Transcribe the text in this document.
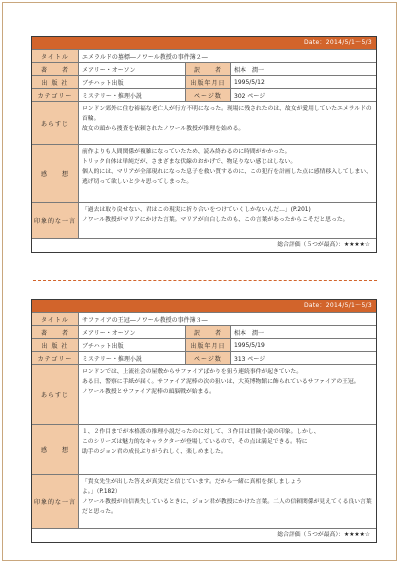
Date：2014/5/1～5/3
タイトル	エメラルドの墓標―ノワール教授の事件簿２―
著　　者	メアリー・オーソン	訳　　者	相本　潤一
出 版 社	ブチハット出版	出版年月日	1995/5/12
カテゴリー	ミステリー・推理小説	ページ数	302 ページ
あらすじ

ロンドン郊外に住む裕福な老亡人が行方不明になった。现場に残されたのは、故女が愛用していたエメラルドの首輪。

故女の頭から捜査を依頼されたノワール教授が推理を始める。

感　　想

前作よりも人間関係が複雑になっていたため、読み終わるのに時間がかかった。

トリック自体は単純だが、さまざまな伏線のおかげで、物足りない感じはしない。

個人的には、マリアが全部現れになった息子を救い質するのに、この犯行を計画した点に感情移入してしまい、逃げ切って欲しいと少々思ってしまった。

印象的な一言

「過去は取り戻せない、君はこの現実に折り合いをつけていくしかないんだ…」(P.201)

ノワール教授がマリアにかけた言葉。マリアが自白したのも、この言葉があったからこそだと思った。

総合評価（５つが最高）：★★★★☆
Date：2014/5/1～5/3
タイトル	サファイアの王冠―ノワール教授の事件簿３―
著　　者	メアリー・オーソン	訳　　者	相本　潤一
出 版 社	ブチハット出版	出版年月日	1995/5/19
カテゴリー	ミステリー・推理小説	ページ数	313 ページ
あらすじ

ロンドンでは、上流社会の屋敷からサファイアばかりを狙う連続事件が起きていた。

ある日、警察に手紙が届く。サファイア泥棒の次の狙いは、大英博物館に飾られているサファイアの王冠。

ノワール教授とサファイア泥棒の頭脳戦が始まる。

感　　想

１、２作目までが本格派の推理小説だったのに対して、３作目は冒険小説の印象。しかし、

このシリーズは魅力的なキャラクターが登場しているので、その点は満足できる。特に

助手のジョン君の成長ぶりがうれしく、楽しめました。

印象的な一言

「貴女先生が出した答えが真実だと信じています。だから一緒に真相を探しましょう

よ。」（P.182）

ノワール教授が自信喪失しているときに、ジョン君が教授にかけた言葉。二人の信頼関係が見えてくる良い言葉だと思った。

総合評価（５つが最高）：★★★★☆
